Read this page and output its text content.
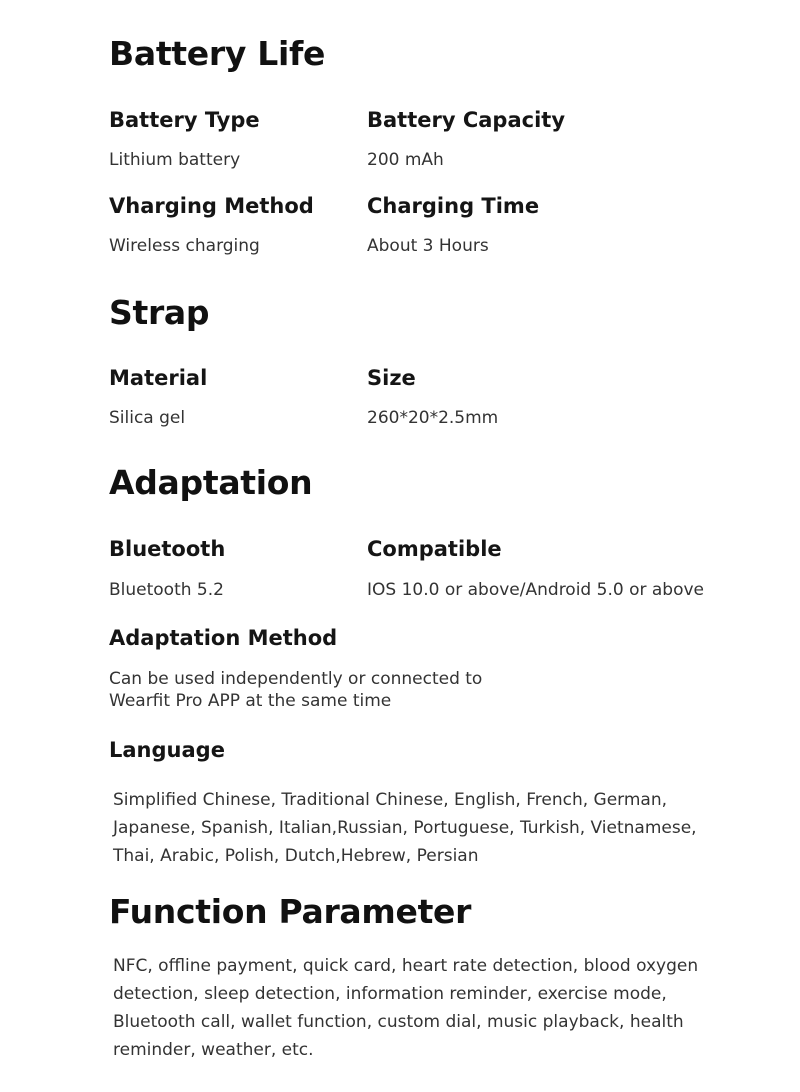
Battery Life
Battery Type
Lithium battery
Battery Capacity
200 mAh
Vharging Method
Wireless charging
Charging Time
About 3 Hours
Strap
Material
Silica gel
Size
260*20*2.5mm
Adaptation
Bluetooth
Bluetooth 5.2
Compatible
IOS 10.0 or above/Android 5.0 or above
Adaptation Method
Can be used independently or connected to
Wearfit Pro APP at the same time
Language
Simplified Chinese, Traditional Chinese, English, French, German,
Japanese, Spanish, Italian,Russian, Portuguese, Turkish, Vietnamese,
Thai, Arabic, Polish, Dutch,Hebrew, Persian
Function Parameter
NFC, offline payment, quick card, heart rate detection, blood oxygen
detection, sleep detection, information reminder, exercise mode,
Bluetooth call, wallet function, custom dial, music playback, health
reminder, weather, etc.
